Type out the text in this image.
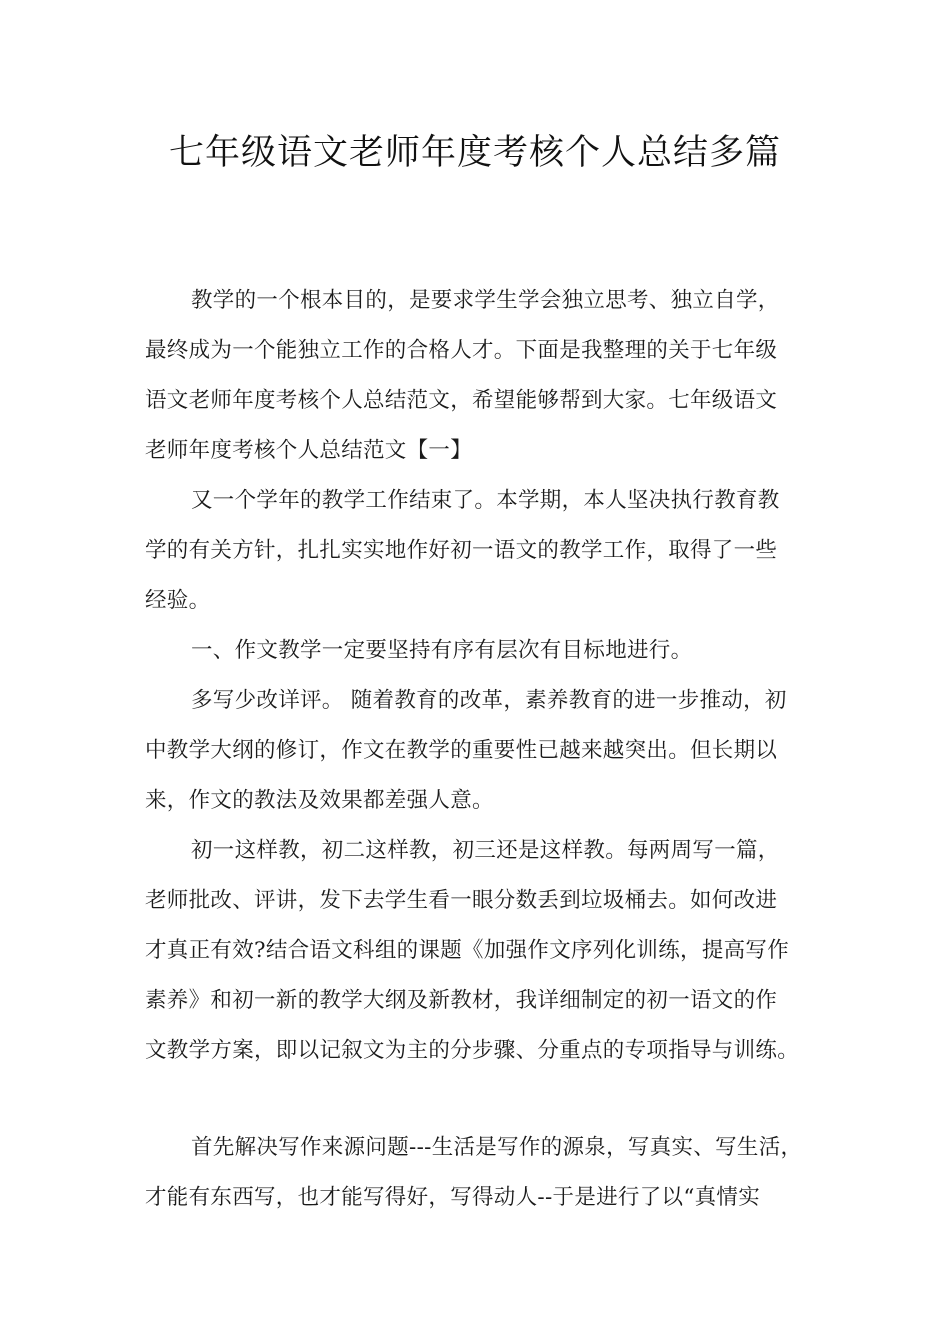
七年级语文老师年度考核个人总结多篇
教学的一个根本目的，是要求学生学会独立思考、独立自学，
最终成为一个能独立工作的合格人才。下面是我整理的关于七年级
语文老师年度考核个人总结范文，希望能够帮到大家。七年级语文
老师年度考核个人总结范文【一】
又一个学年的教学工作结束了。本学期，本人坚决执行教育教
学的有关方针，扎扎实实地作好初一语文的教学工作，取得了一些
经验。
一、作文教学一定要坚持有序有层次有目标地进行。
多写少改详评。 随着教育的改革，素养教育的进一步推动，初
中教学大纲的修订，作文在教学的重要性已越来越突出。但长期以
来，作文的教法及效果都差强人意。
初一这样教，初二这样教，初三还是这样教。每两周写一篇，
老师批改、评讲，发下去学生看一眼分数丢到垃圾桶去。如何改进
才真正有效?结合语文科组的课题《加强作文序列化训练，提高写作
素养》和初一新的教学大纲及新教材，我详细制定的初一语文的作
文教学方案，即以记叙文为主的分步骤、分重点的专项指导与训练。
首先解决写作来源问题---生活是写作的源泉，写真实、写生活，
才能有东西写，也才能写得好，写得动人--于是进行了以“真情实
